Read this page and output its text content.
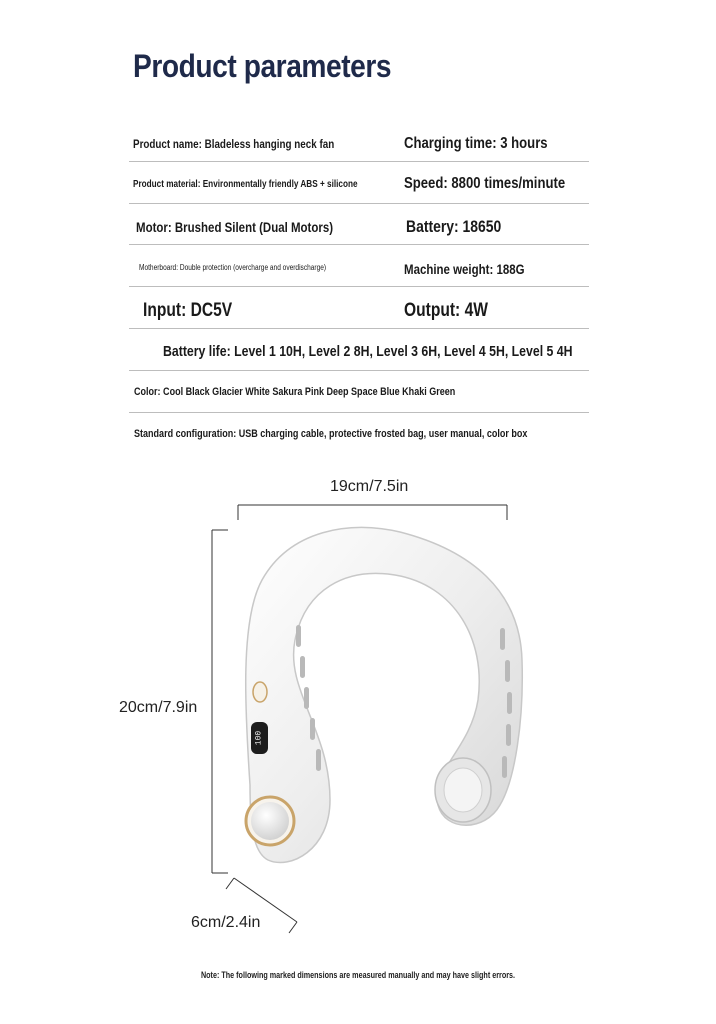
Product parameters
Product name: Bladeless hanging neck fan	Charging time: 3 hours
Product material: Environmentally friendly ABS + silicone	Speed: 8800 times/minute
Motor: Brushed Silent (Dual Motors)	Battery: 18650
Motherboard: Double protection (overcharge and overdischarge)	Machine weight: 188G
Input: DC5V	Output: 4W
Battery life: Level 1 10H, Level 2 8H, Level 3 6H, Level 4 5H, Level 5 4H
Color: Cool Black Glacier White Sakura Pink Deep Space Blue Khaki Green
Standard configuration: USB charging cable, protective frosted bag, user manual, color box
19cm/7.5in
20cm/7.9in
6cm/2.4in
100
Note: The following marked dimensions are measured manually and may have slight errors.
